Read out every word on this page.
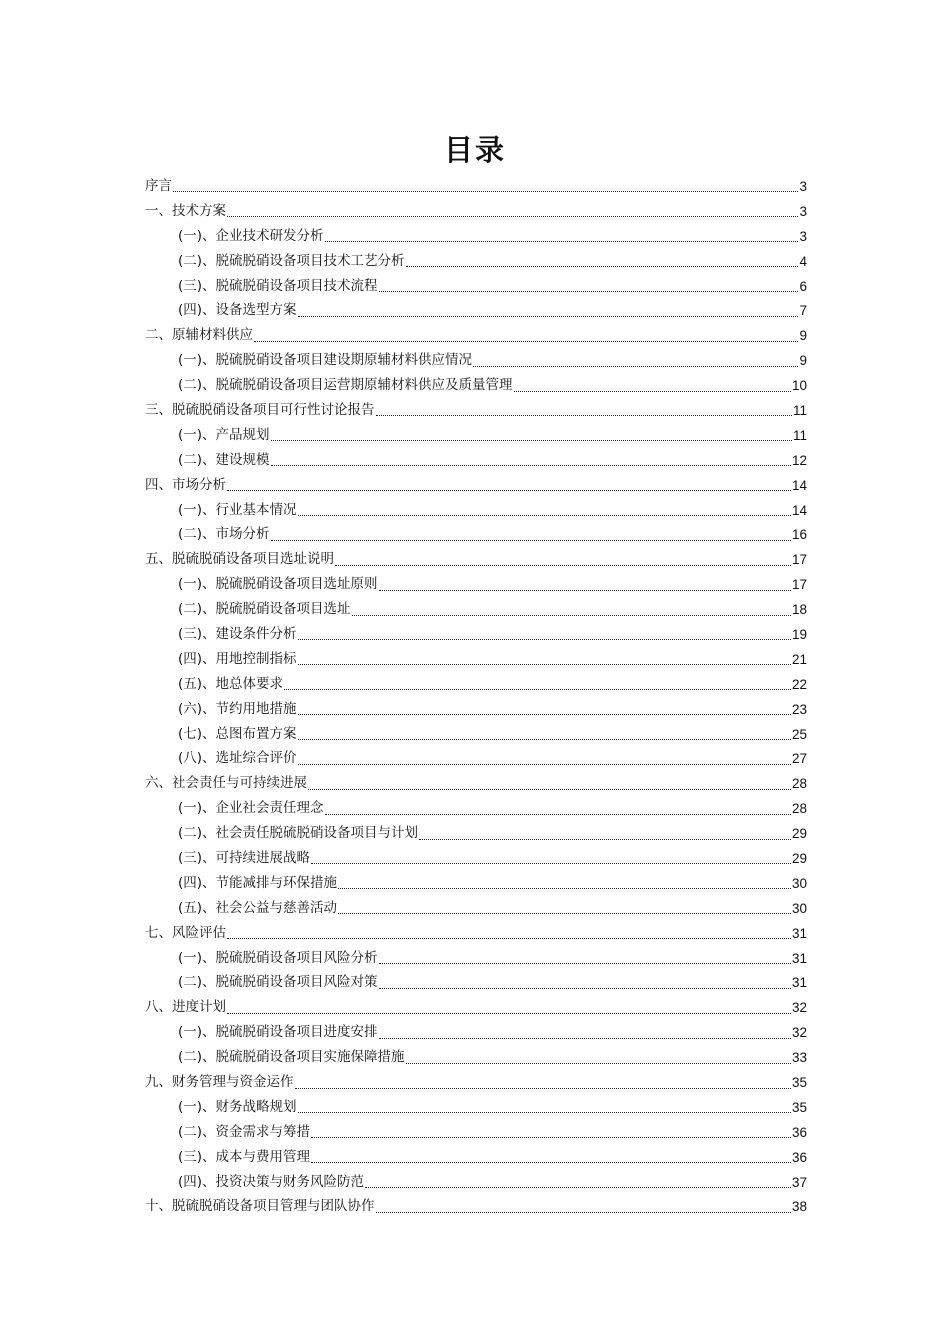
目录
序言	3
一、技术方案	3
(一)、企业技术研发分析	3
(二)、脱硫脱硝设备项目技术工艺分析	4
(三)、脱硫脱硝设备项目技术流程	6
(四)、设备选型方案	7
二、原辅材料供应	9
(一)、脱硫脱硝设备项目建设期原辅材料供应情况	9
(二)、脱硫脱硝设备项目运营期原辅材料供应及质量管理	10
三、脱硫脱硝设备项目可行性讨论报告	11
(一)、产品规划	11
(二)、建设规模	12
四、市场分析	14
(一)、行业基本情况	14
(二)、市场分析	16
五、脱硫脱硝设备项目选址说明	17
(一)、脱硫脱硝设备项目选址原则	17
(二)、脱硫脱硝设备项目选址	18
(三)、建设条件分析	19
(四)、用地控制指标	21
(五)、地总体要求	22
(六)、节约用地措施	23
(七)、总图布置方案	25
(八)、选址综合评价	27
六、社会责任与可持续进展	28
(一)、企业社会责任理念	28
(二)、社会责任脱硫脱硝设备项目与计划	29
(三)、可持续进展战略	29
(四)、节能减排与环保措施	30
(五)、社会公益与慈善活动	30
七、风险评估	31
(一)、脱硫脱硝设备项目风险分析	31
(二)、脱硫脱硝设备项目风险对策	31
八、进度计划	32
(一)、脱硫脱硝设备项目进度安排	32
(二)、脱硫脱硝设备项目实施保障措施	33
九、财务管理与资金运作	35
(一)、财务战略规划	35
(二)、资金需求与筹措	36
(三)、成本与费用管理	36
(四)、投资决策与财务风险防范	37
十、脱硫脱硝设备项目管理与团队协作	38
